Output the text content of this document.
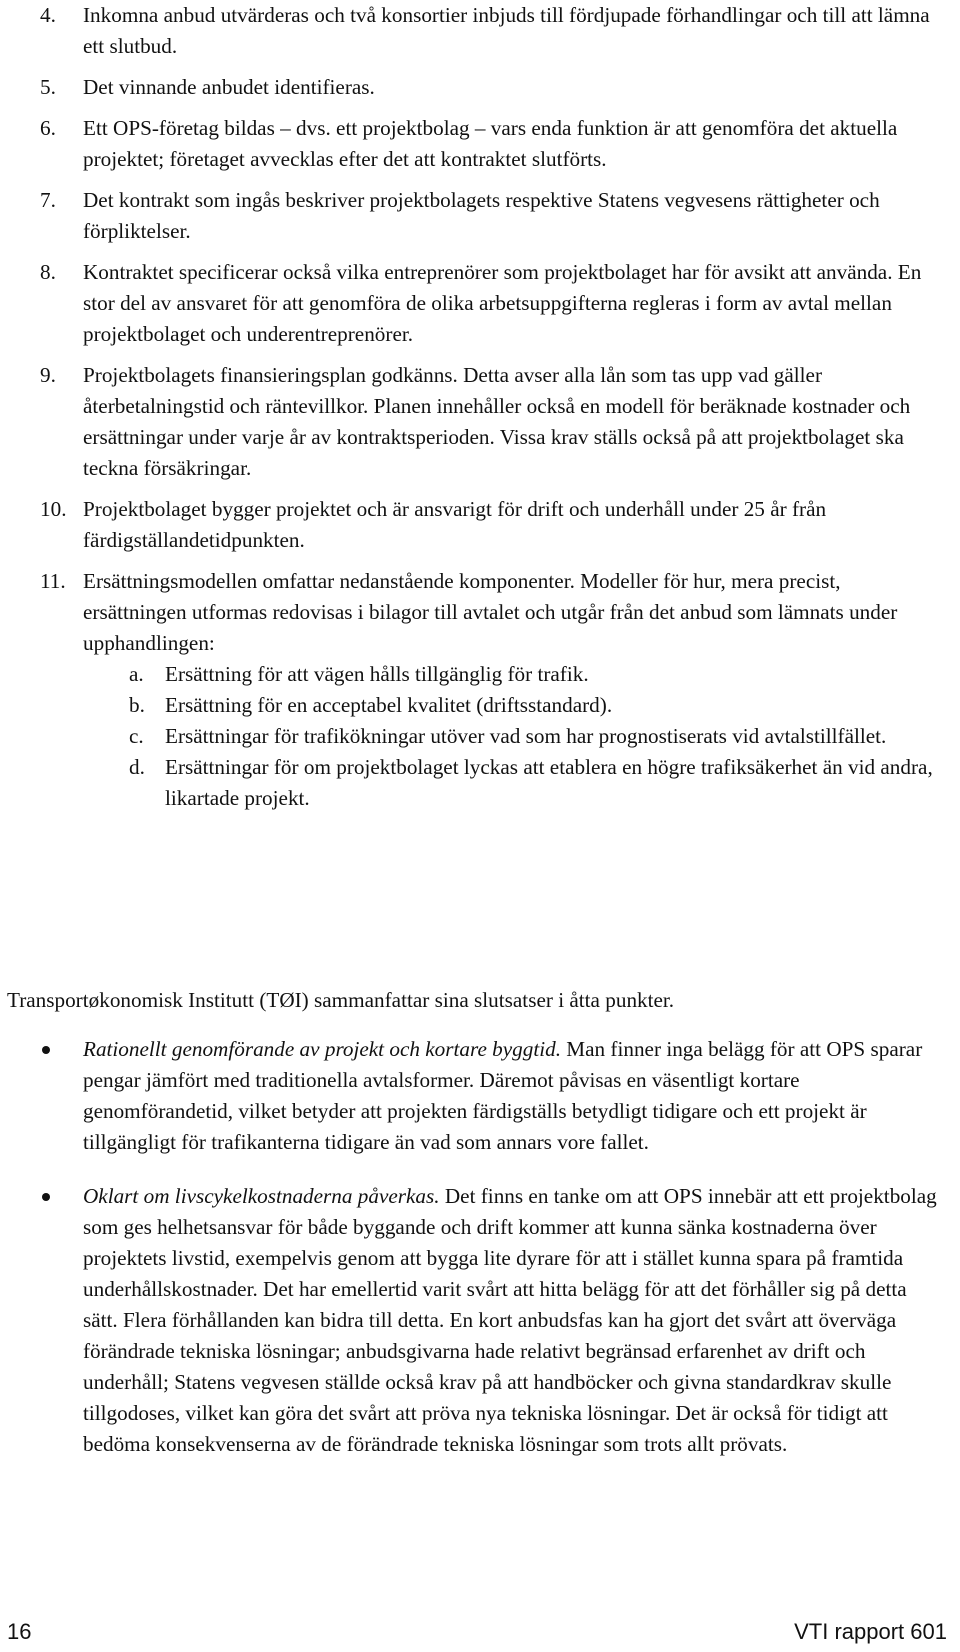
4.	Inkomna anbud utvärderas och två konsortier inbjuds till fördjupade förhandlingar och till att lämna ett slutbud.
5.	Det vinnande anbudet identifieras.
6.	Ett OPS-företag bildas – dvs. ett projektbolag – vars enda funktion är att genomföra det aktuella projektet; företaget avvecklas efter det att kontraktet slutförts.
7.	Det kontrakt som ingås beskriver projektbolagets respektive Statens vegvesens rättigheter och förpliktelser.
8.	Kontraktet specificerar också vilka entreprenörer som projektbolaget har för avsikt att använda. En stor del av ansvaret för att genomföra de olika arbetsuppgifterna regleras i form av avtal mellan projektbolaget och underentreprenörer.
9.	Projektbolagets finansieringsplan godkänns. Detta avser alla lån som tas upp vad gäller återbetalningstid och räntevillkor. Planen innehåller också en modell för beräknade kostnader och ersättningar under varje år av kontraktsperioden. Vissa krav ställs också på att projektbolaget ska teckna försäkringar.
10. Projektbolaget bygger projektet och är ansvarigt för drift och underhåll under 25 år från färdigställandetidpunkten.
11. Ersättningsmodellen omfattar nedanstående komponenter. Modeller för hur, mera precist, ersättningen utformas redovisas i bilagor till avtalet och utgår från det anbud som lämnats under upphandlingen:
a. Ersättning för att vägen hålls tillgänglig för trafik.
b. Ersättning för en acceptabel kvalitet (driftsstandard).
c. Ersättningar för trafikökningar utöver vad som har prognostiserats vid avtalstillfället.
d. Ersättningar för om projektbolaget lyckas att etablera en högre trafiksäkerhet än vid andra, likartade projekt.
Transportøkonomisk Institutt (TØI) sammanfattar sina slutsatser i åtta punkter.
Rationellt genomförande av projekt och kortare byggtid. Man finner inga belägg för att OPS sparar pengar jämfört med traditionella avtalsformer. Däremot påvisas en väsentligt kortare genomförandetid, vilket betyder att projekten färdigställs betydligt tidigare och ett projekt är tillgängligt för trafikanterna tidigare än vad som annars vore fallet.
Oklart om livscykelkostnaderna påverkas. Det finns en tanke om att OPS innebär att ett projektbolag som ges helhetsansvar för både byggande och drift kommer att kunna sänka kostnaderna över projektets livstid, exempelvis genom att bygga lite dyrare för att i stället kunna spara på framtida underhållskostnader. Det har emellertid varit svårt att hitta belägg för att det förhåller sig på detta sätt. Flera förhållanden kan bidra till detta. En kort anbudsfas kan ha gjort det svårt att överväga förändrade tekniska lösningar; anbudsgivarna hade relativt begränsad erfarenhet av drift och underhåll; Statens vegvesen ställde också krav på att handböcker och givna standardkrav skulle tillgodoses, vilket kan göra det svårt att pröva nya tekniska lösningar. Det är också för tidigt att bedöma konsekvenserna av de förändrade tekniska lösningar som trots allt prövats.
16	VTI rapport 601
